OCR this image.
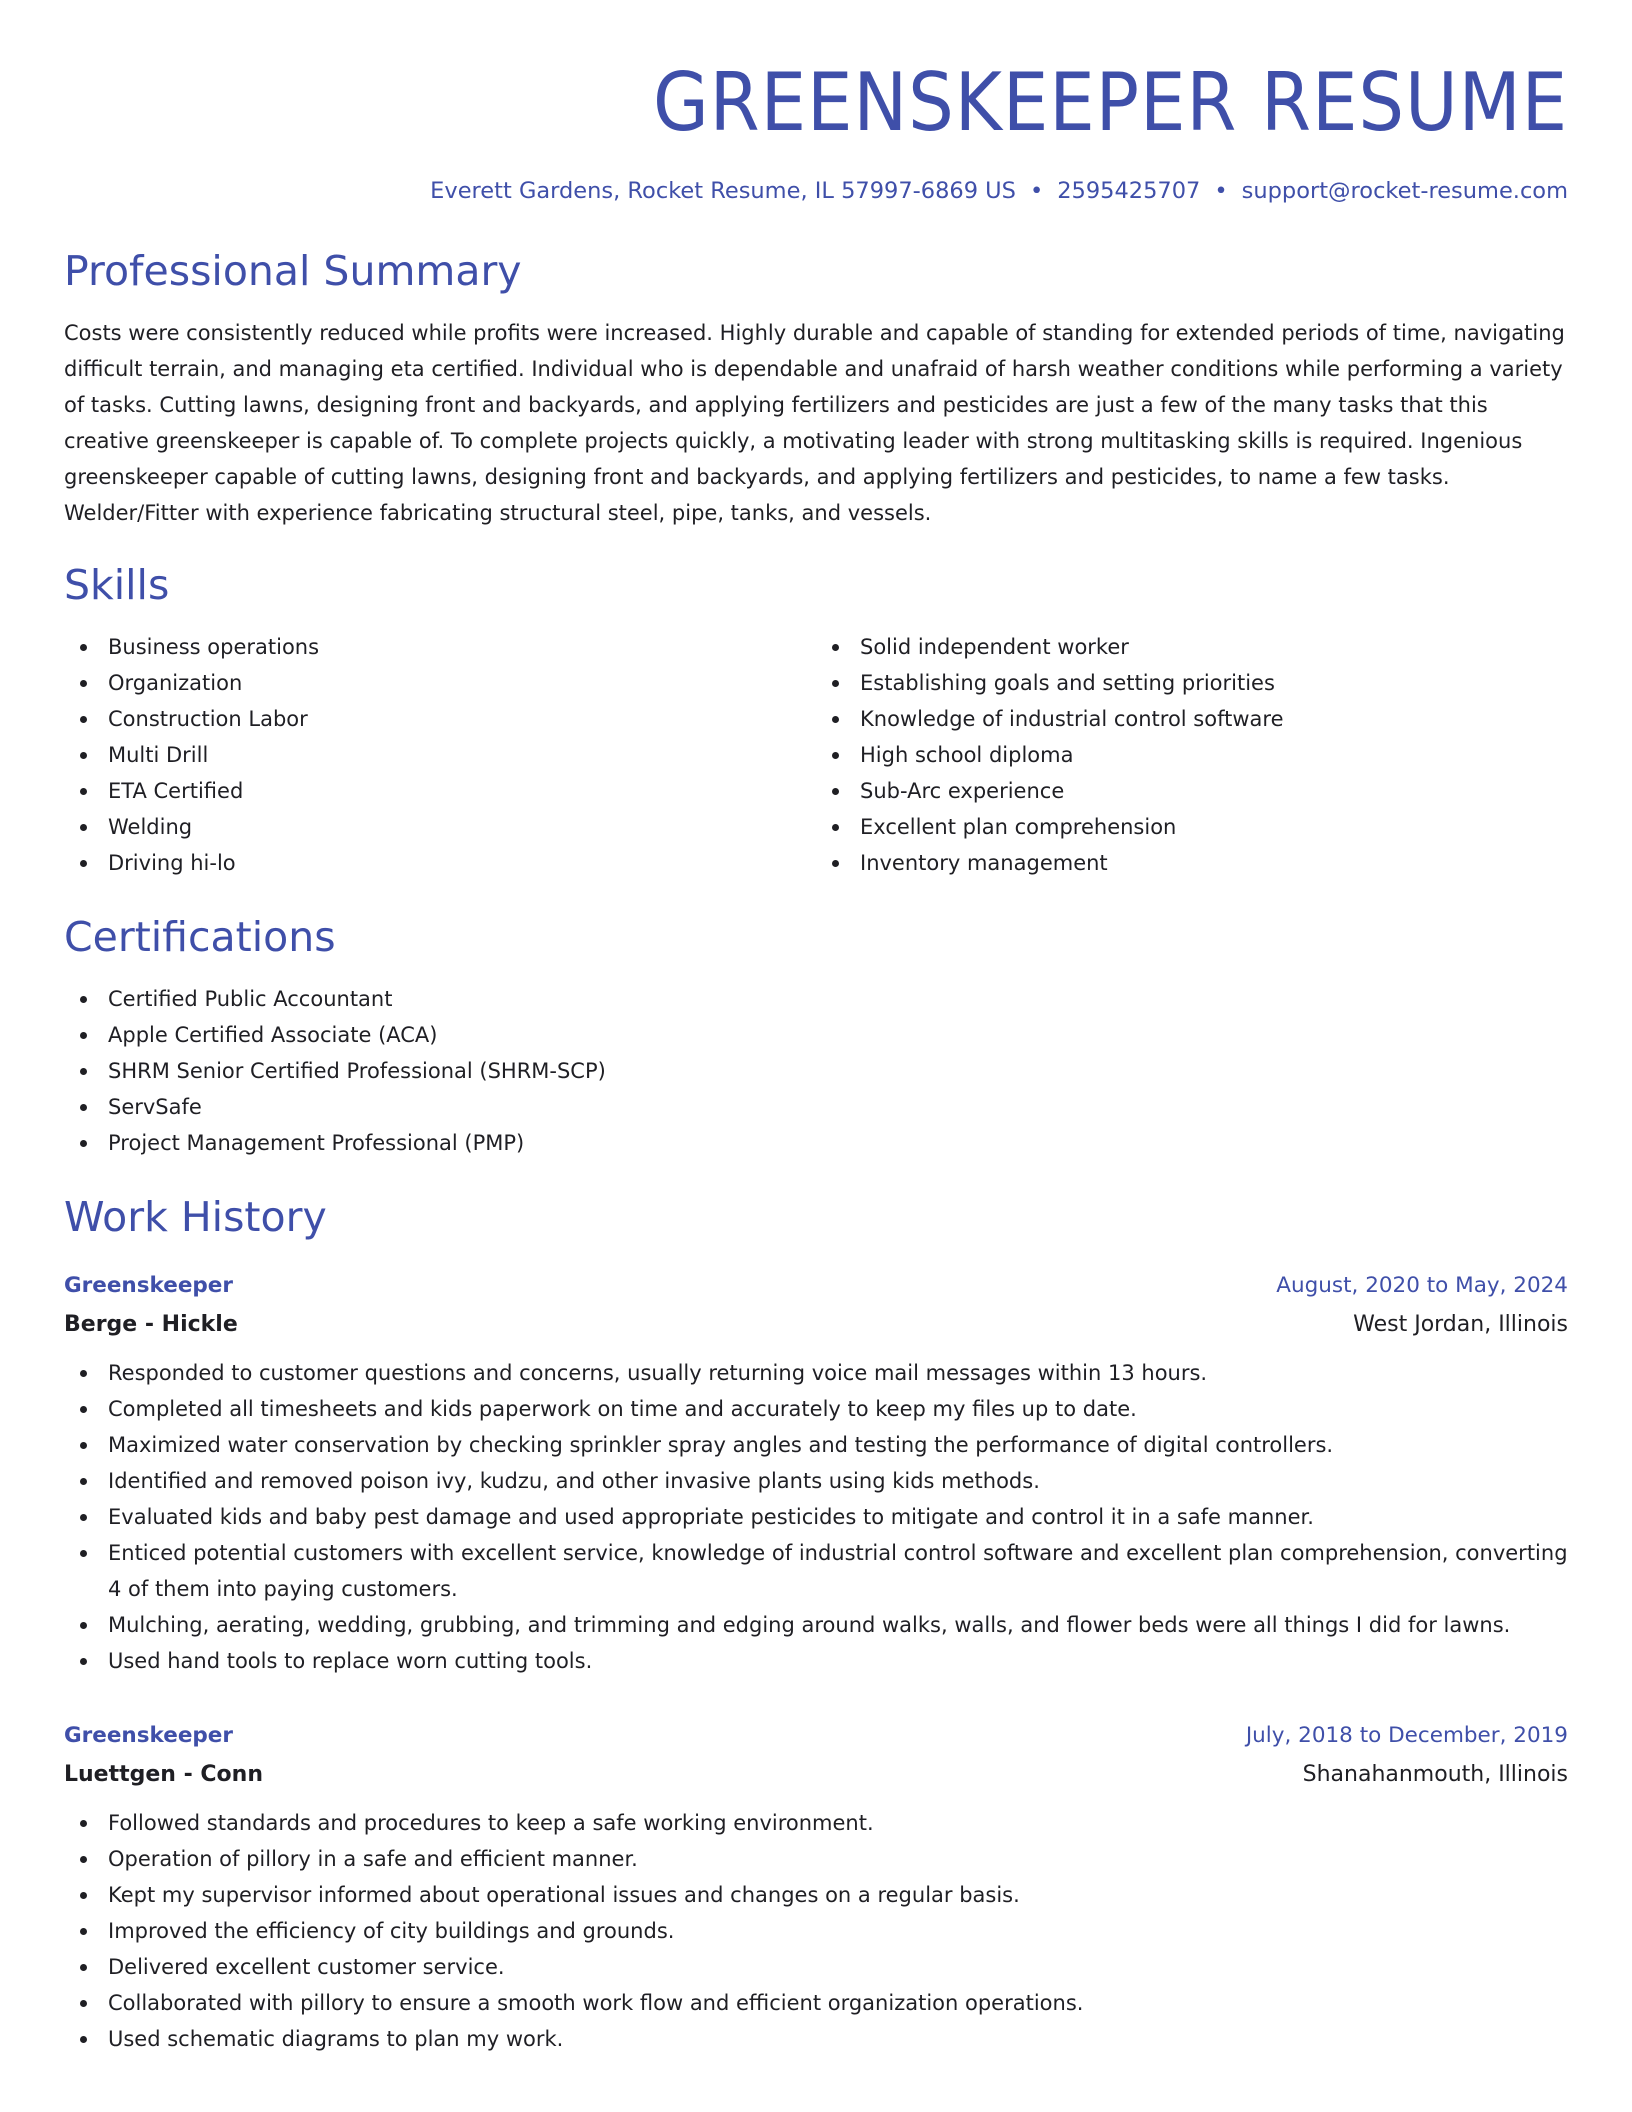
GREENSKEEPER RESUME
Everett Gardens, Rocket Resume, IL 57997-6869 US • 2595425707 • support@rocket-resume.com
Professional Summary

Costs were consistently reduced while profits were increased. Highly durable and capable of standing for extended periods of time, navigating difficult terrain, and managing eta certified. Individual who is dependable and unafraid of harsh weather conditions while performing a variety of tasks. Cutting lawns, designing front and backyards, and applying fertilizers and pesticides are just a few of the many tasks that this creative greenskeeper is capable of. To complete projects quickly, a motivating leader with strong multitasking skills is required. Ingenious greenskeeper capable of cutting lawns, designing front and backyards, and applying fertilizers and pesticides, to name a few tasks. Welder/Fitter with experience fabricating structural steel, pipe, tanks, and vessels.

Skills
Business operations
Organization
Construction Labor
Multi Drill
ETA Certified
Welding
Driving hi-lo
Solid independent worker
Establishing goals and setting priorities
Knowledge of industrial control software
High school diploma
Sub-Arc experience
Excellent plan comprehension
Inventory management
Certifications
Certified Public Accountant
Apple Certified Associate (ACA)
SHRM Senior Certified Professional (SHRM-SCP)
ServSafe
Project Management Professional (PMP)
Work History
Greenskeeper	August, 2020 to May, 2024
Berge - Hickle	West Jordan, Illinois
Responded to customer questions and concerns, usually returning voice mail messages within 13 hours.
Completed all timesheets and kids paperwork on time and accurately to keep my files up to date.
Maximized water conservation by checking sprinkler spray angles and testing the performance of digital controllers.
Identified and removed poison ivy, kudzu, and other invasive plants using kids methods.
Evaluated kids and baby pest damage and used appropriate pesticides to mitigate and control it in a safe manner.
Enticed potential customers with excellent service, knowledge of industrial control software and excellent plan comprehension, converting 4 of them into paying customers.
Mulching, aerating, wedding, grubbing, and trimming and edging around walks, walls, and flower beds were all things I did for lawns.
Used hand tools to replace worn cutting tools.
Greenskeeper	July, 2018 to December, 2019
Luettgen - Conn	Shanahanmouth, Illinois
Followed standards and procedures to keep a safe working environment.
Operation of pillory in a safe and efficient manner.
Kept my supervisor informed about operational issues and changes on a regular basis.
Improved the efficiency of city buildings and grounds.
Delivered excellent customer service.
Collaborated with pillory to ensure a smooth work flow and efficient organization operations.
Used schematic diagrams to plan my work.
